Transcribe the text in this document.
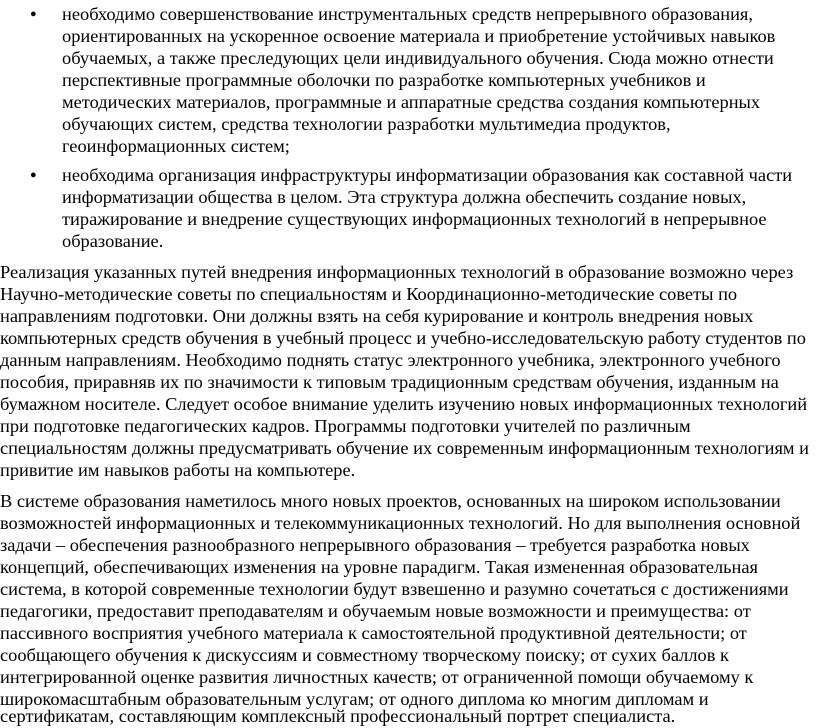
● необходимо совершенствование инструментальных средств непрерывного образования,
ориентированных на ускоренное освоение материала и приобретение устойчивых навыков
обучаемых, а также преследующих цели индивидуального обучения. Сюда можно отнести
перспективные программные оболочки по разработке компьютерных учебников и
методических материалов, программные и аппаратные средства создания компьютерных
обучающих систем, средства технологии разработки мультимедиа продуктов,
геоинформационных систем;
● необходима организация инфраструктуры информатизации образования как составной части
информатизации общества в целом. Эта структура должна обеспечить создание новых,
тиражирование и внедрение существующих информационных технологий в непрерывное
образование.
Реализация указанных путей внедрения информационных технологий в образование возможно через
Научно-методические советы по специальностям и Координационно-методические советы по
направлениям подготовки. Они должны взять на себя курирование и контроль внедрения новых
компьютерных средств обучения в учебный процесс и учебно-исследовательскую работу студентов по
данным направлениям. Необходимо поднять статус электронного учебника, электронного учебного
пособия, приравняв их по значимости к типовым традиционным средствам обучения, изданным на
бумажном носителе. Следует особое внимание уделить изучению новых информационных технологий
при подготовке педагогических кадров. Программы подготовки учителей по различным
специальностям должны предусматривать обучение их современным информационным технологиям и
привитие им навыков работы на компьютере.
В системе образования наметилось много новых проектов, основанных на широком использовании
возможностей информационных и телекоммуникационных технологий. Но для выполнения основной
задачи – обеспечения разнообразного непрерывного образования – требуется разработка новых
концепций, обеспечивающих изменения на уровне парадигм. Такая измененная образовательная
система, в которой современные технологии будут взвешенно и разумно сочетаться с достижениями
педагогики, предоставит преподавателям и обучаемым новые возможности и преимущества: от
пассивного восприятия учебного материала к самостоятельной продуктивной деятельности; от
сообщающего обучения к дискуссиям и совместному творческому поиску; от сухих баллов к
интегрированной оценке развития личностных качеств; от ограниченной помощи обучаемому к
широкомасштабным образовательным услугам; от одного диплома ко многим дипломам и
сертификатам, составляющим комплексный профессиональный портрет специалиста.
